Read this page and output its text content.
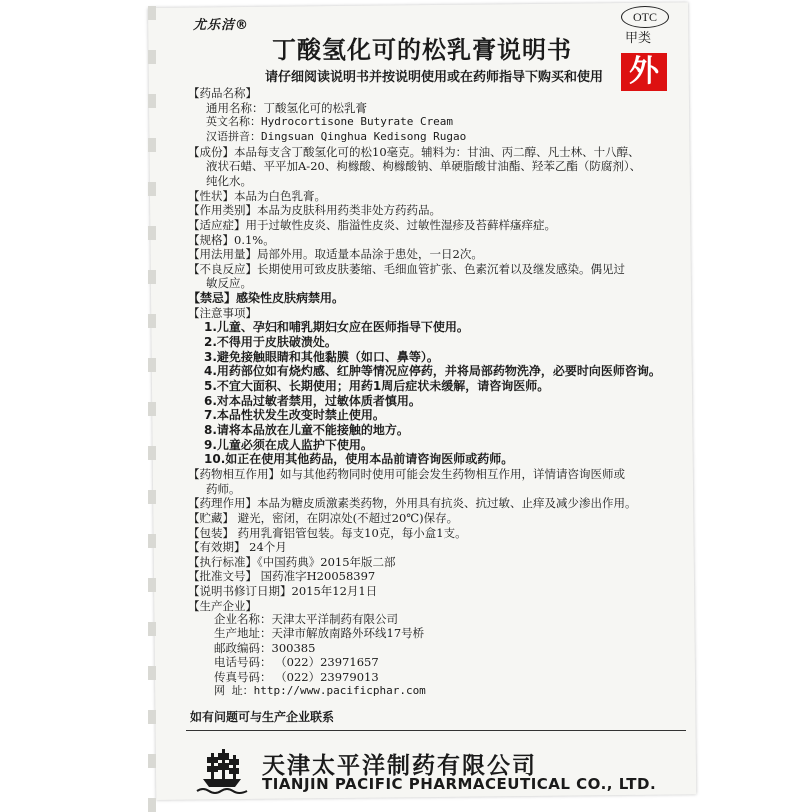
尤乐洁®
丁酸氢化可的松乳膏说明书
请仔细阅读说明书并按说明使用或在药师指导下购买和使用
OTC
甲类
外
【药品名称】
通用名称：丁酸氢化可的松乳膏
英文名称：Hydrocortisone Butyrate Cream
汉语拼音：Dingsuan Qinghua Kedisong Rugao
【成份】本品每支含丁酸氢化可的松10毫克。辅料为：甘油、丙二醇、凡士林、十八醇、
液状石蜡、平平加A-20、枸橼酸、枸橼酸钠、单硬脂酸甘油酯、羟苯乙酯（防腐剂）、
纯化水。
【性状】本品为白色乳膏。
【作用类别】本品为皮肤科用药类非处方药药品。
【适应症】用于过敏性皮炎、脂溢性皮炎、过敏性湿疹及苔藓样瘙痒症。
【规格】0.1%。
【用法用量】局部外用。取适量本品涂于患处，一日2次。
【不良反应】长期使用可致皮肤萎缩、毛细血管扩张、色素沉着以及继发感染。偶见过
敏反应。
【禁忌】感染性皮肤病禁用。
【注意事项】
1.儿童、孕妇和哺乳期妇女应在医师指导下使用。
2.不得用于皮肤破溃处。
3.避免接触眼睛和其他黏膜（如口、鼻等）。
4.用药部位如有烧灼感、红肿等情况应停药，并将局部药物洗净，必要时向医师咨询。
5.不宜大面积、长期使用；用药1周后症状未缓解，请咨询医师。
6.对本品过敏者禁用，过敏体质者慎用。
7.本品性状发生改变时禁止使用。
8.请将本品放在儿童不能接触的地方。
9.儿童必须在成人监护下使用。
10.如正在使用其他药品，使用本品前请咨询医师或药师。
【药物相互作用】如与其他药物同时使用可能会发生药物相互作用，详情请咨询医师或
药师。
【药理作用】本品为糖皮质激素类药物，外用具有抗炎、抗过敏、止痒及减少渗出作用。
【贮藏】 避光，密闭，在阴凉处(不超过20℃)保存。
【包装】 药用乳膏铝管包装。每支10克，每小盒1支。
【有效期】 24个月
【执行标准】《中国药典》2015年版二部
【批准文号】 国药准字H20058397
【说明书修订日期】2015年12月1日
【生产企业】
企业名称：天津太平洋制药有限公司
生产地址：天津市解放南路外环线17号桥
邮政编码：300385
电话号码： （022）23971657
传真号码： （022）23979013
网 址：http://www.pacificphar.com
如有问题可与生产企业联系
天津太平洋制药有限公司
TIANJIN PACIFIC PHARMACEUTICAL CO., LTD.
